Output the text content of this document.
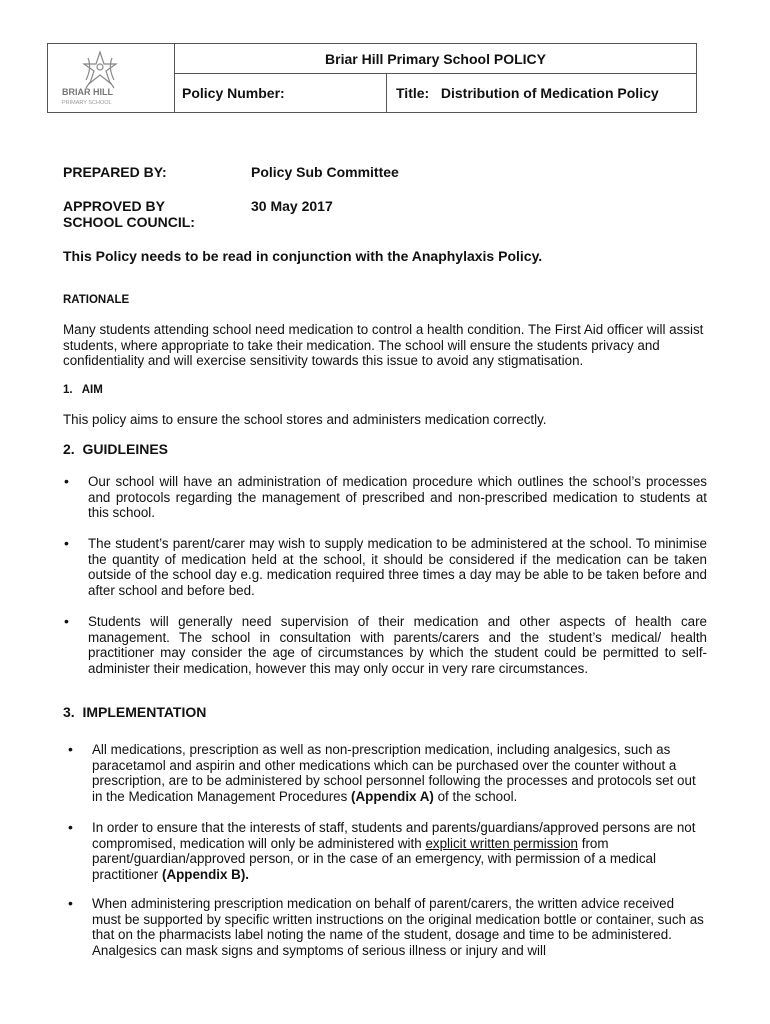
BRIAR HILL
PRIMARY SCHOOL
Briar Hill Primary School POLICY
Policy Number:	Title: Distribution of Medication Policy
PREPARED BY:	Policy Sub Committee
APPROVED BY
SCHOOL COUNCIL:
30 May 2017
This Policy needs to be read in conjunction with the Anaphylaxis Policy.
RATIONALE
Many students attending school need medication to control a health condition. The First Aid officer will assist students, where appropriate to take their medication. The school will ensure the students privacy and confidentiality and will exercise sensitivity towards this issue to avoid any stigmatisation.
1.   AIM
This policy aims to ensure the school stores and administers medication correctly.
2.  GUIDLEINES
• Our school will have an administration of medication procedure which outlines the school’s processes and protocols regarding the management of prescribed and non-prescribed medication to students at this school.
• The student’s parent/carer may wish to supply medication to be administered at the school. To minimise the quantity of medication held at the school, it should be considered if the medication can be taken outside of the school day e.g. medication required three times a day may be able to be taken before and after school and before bed.
• Students will generally need supervision of their medication and other aspects of health care management. The school in consultation with parents/carers and the student’s medical/ health practitioner may consider the age of circumstances by which the student could be permitted to self-administer their medication, however this may only occur in very rare circumstances.
3.  IMPLEMENTATION
• All medications, prescription as well as non-prescription medication, including analgesics, such as paracetamol and aspirin and other medications which can be purchased over the counter without a prescription, are to be administered by school personnel following the processes and protocols set out in the Medication Management Procedures (Appendix A) of the school.
• In order to ensure that the interests of staff, students and parents/guardians/approved persons are not compromised, medication will only be administered with explicit written permission from parent/guardian/approved person, or in the case of an emergency, with permission of a medical practitioner (Appendix B).
• When administering prescription medication on behalf of parent/carers, the written advice received must be supported by specific written instructions on the original medication bottle or container, such as that on the pharmacists label noting the name of the student, dosage and time to be administered. Analgesics can mask signs and symptoms of serious illness or injury and will
